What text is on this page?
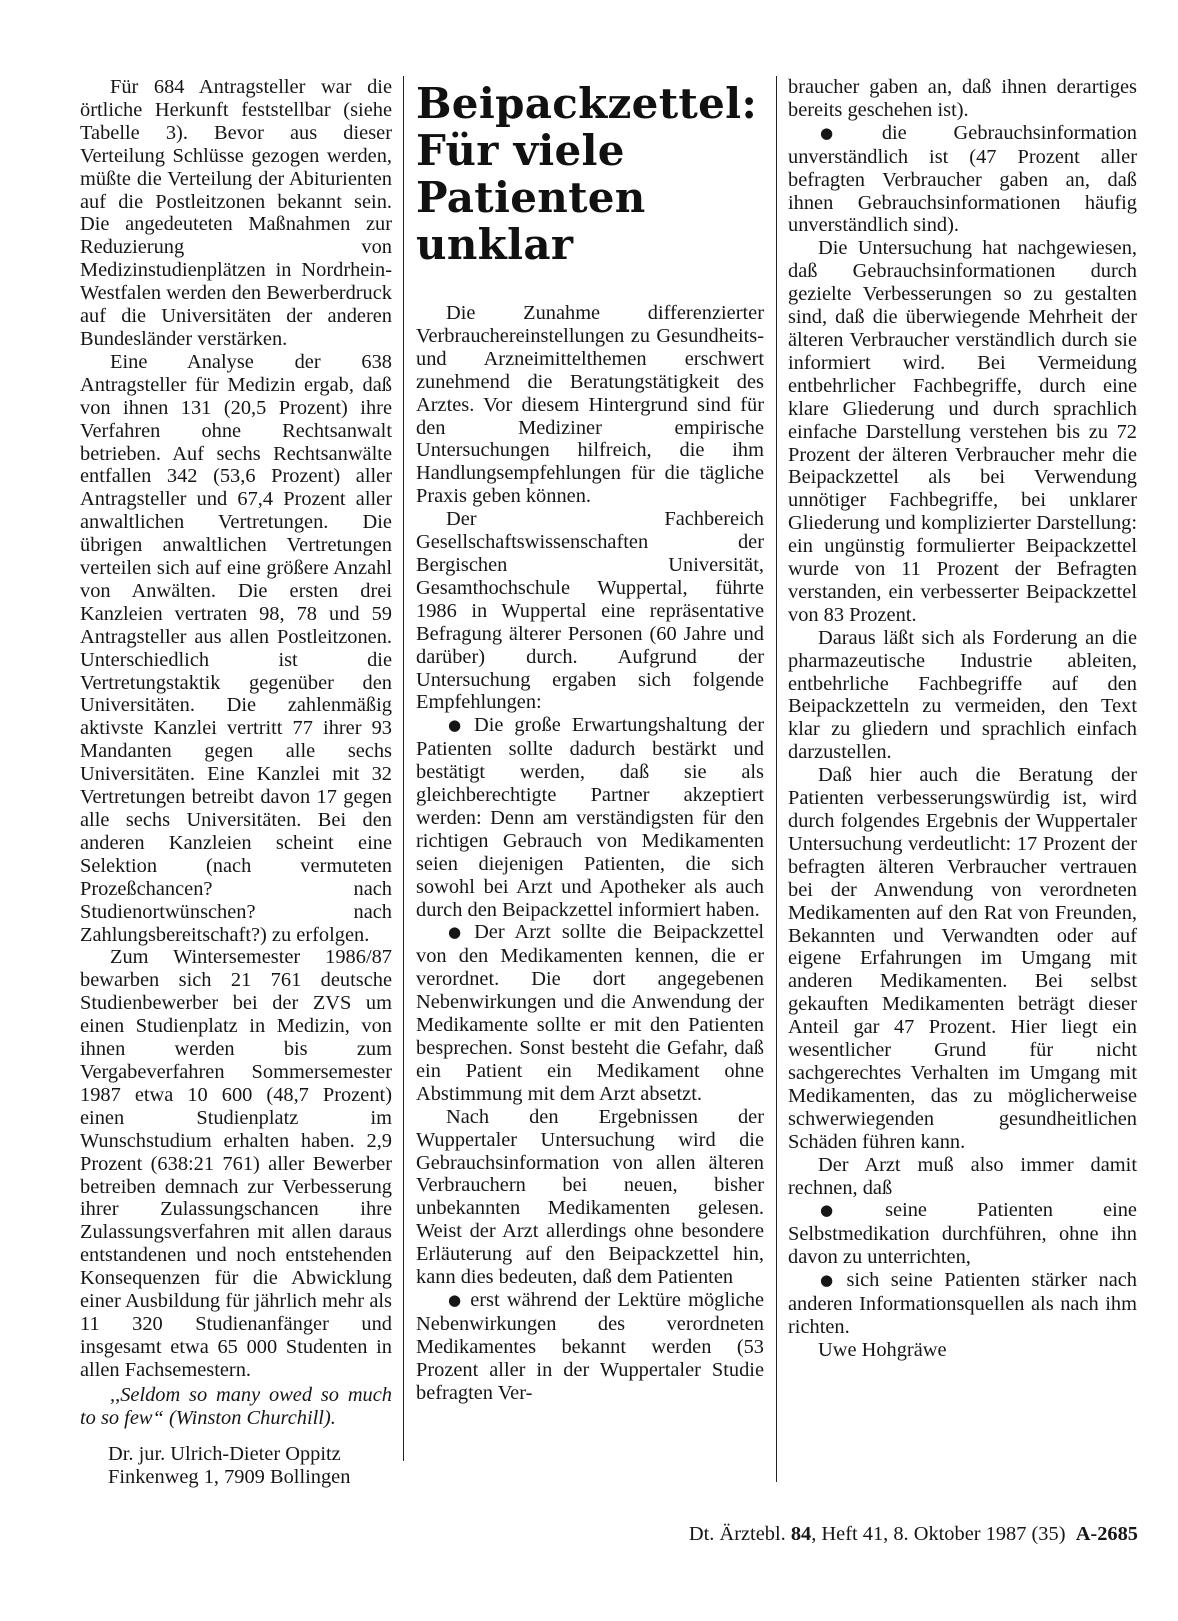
Für 684 Antragsteller war die örtliche Herkunft feststellbar (siehe Tabelle 3). Bevor aus dieser Verteilung Schlüsse gezogen werden, müßte die Verteilung der Abiturienten auf die Postleitzonen bekannt sein. Die angedeuteten Maßnahmen zur Reduzierung von Medizinstudienplätzen in Nordrhein-Westfalen werden den Bewerberdruck auf die Universitäten der anderen Bundesländer verstärken.

Eine Analyse der 638 Antragsteller für Medizin ergab, daß von ihnen 131 (20,5 Prozent) ihre Verfahren ohne Rechtsanwalt betrieben. Auf sechs Rechtsanwälte entfallen 342 (53,6 Prozent) aller Antragsteller und 67,4 Prozent aller anwaltlichen Vertretungen. Die übrigen anwaltlichen Vertretungen verteilen sich auf eine größere Anzahl von Anwälten. Die ersten drei Kanzleien vertraten 98, 78 und 59 Antragsteller aus allen Postleitzonen. Unterschiedlich ist die Vertretungstaktik gegenüber den Universitäten. Die zahlenmäßig aktivste Kanzlei vertritt 77 ihrer 93 Mandanten gegen alle sechs Universitäten. Eine Kanzlei mit 32 Vertretungen betreibt davon 17 gegen alle sechs Universitäten. Bei den anderen Kanzleien scheint eine Selektion (nach vermuteten Prozeßchancen? nach Studienortwünschen? nach Zahlungsbereitschaft?) zu erfolgen.

Zum Wintersemester 1986/87 bewarben sich 21 761 deutsche Studienbewerber bei der ZVS um einen Studienplatz in Medizin, von ihnen werden bis zum Vergabeverfahren Sommersemester 1987 etwa 10 600 (48,7 Prozent) einen Studienplatz im Wunschstudium erhalten haben. 2,9 Prozent (638:21 761) aller Bewerber betreiben demnach zur Verbesserung ihrer Zulassungschancen ihre Zulassungsverfahren mit allen daraus entstandenen und noch entstehenden Konsequenzen für die Abwicklung einer Ausbildung für jährlich mehr als 11 320 Studienanfänger und insgesamt etwa 65 000 Studenten in allen Fachsemestern.

,,Seldom so many owed so much to so few“ (Winston Churchill).

Dr. jur. Ulrich-Dieter Oppitz
Finkenweg 1, 7909 Bollingen

Beipackzettel: Für viele Patienten unklar

Die Zunahme differenzierter Verbrauchereinstellungen zu Gesundheits- und Arzneimittelthemen erschwert zunehmend die Beratungstätigkeit des Arztes. Vor diesem Hintergrund sind für den Mediziner empirische Untersuchungen hilfreich, die ihm Handlungsempfehlungen für die tägliche Praxis geben können.

Der Fachbereich Gesellschaftswissenschaften der Bergischen Universität, Gesamthochschule Wuppertal, führte 1986 in Wuppertal eine repräsentative Befragung älterer Personen (60 Jahre und darüber) durch. Aufgrund der Untersuchung ergaben sich folgende Empfehlungen:

● Die große Erwartungshaltung der Patienten sollte dadurch bestärkt und bestätigt werden, daß sie als gleichberechtigte Partner akzeptiert werden: Denn am verständigsten für den richtigen Gebrauch von Medikamenten seien diejenigen Patienten, die sich sowohl bei Arzt und Apotheker als auch durch den Beipackzettel informiert haben.

● Der Arzt sollte die Beipackzettel von den Medikamenten kennen, die er verordnet. Die dort angegebenen Nebenwirkungen und die Anwendung der Medikamente sollte er mit den Patienten besprechen. Sonst besteht die Gefahr, daß ein Patient ein Medikament ohne Abstimmung mit dem Arzt absetzt.

Nach den Ergebnissen der Wuppertaler Untersuchung wird die Gebrauchsinformation von allen älteren Verbrauchern bei neuen, bisher unbekannten Medikamenten gelesen. Weist der Arzt allerdings ohne besondere Erläuterung auf den Beipackzettel hin, kann dies bedeuten, daß dem Patienten

● erst während der Lektüre mögliche Nebenwirkungen des verordneten Medikamentes bekannt werden (53 Prozent aller in der Wuppertaler Studie befragten Ver-

braucher gaben an, daß ihnen derartiges bereits geschehen ist).

● die Gebrauchsinformation unverständlich ist (47 Prozent aller befragten Verbraucher gaben an, daß ihnen Gebrauchsinformationen häufig unverständlich sind).

Die Untersuchung hat nachgewiesen, daß Gebrauchsinformationen durch gezielte Verbesserungen so zu gestalten sind, daß die überwiegende Mehrheit der älteren Verbraucher verständlich durch sie informiert wird. Bei Vermeidung entbehrlicher Fachbegriffe, durch eine klare Gliederung und durch sprachlich einfache Darstellung verstehen bis zu 72 Prozent der älteren Verbraucher mehr die Beipackzettel als bei Verwendung unnötiger Fachbegriffe, bei unklarer Gliederung und komplizierter Darstellung: ein ungünstig formulierter Beipackzettel wurde von 11 Prozent der Befragten verstanden, ein verbesserter Beipackzettel von 83 Prozent.

Daraus läßt sich als Forderung an die pharmazeutische Industrie ableiten, entbehrliche Fachbegriffe auf den Beipackzetteln zu vermeiden, den Text klar zu gliedern und sprachlich einfach darzustellen.

Daß hier auch die Beratung der Patienten verbesserungswürdig ist, wird durch folgendes Ergebnis der Wuppertaler Untersuchung verdeutlicht: 17 Prozent der befragten älteren Verbraucher vertrauen bei der Anwendung von verordneten Medikamenten auf den Rat von Freunden, Bekannten und Verwandten oder auf eigene Erfahrungen im Umgang mit anderen Medikamenten. Bei selbst gekauften Medikamenten beträgt dieser Anteil gar 47 Prozent. Hier liegt ein wesentlicher Grund für nicht sachgerechtes Verhalten im Umgang mit Medikamenten, das zu möglicherweise schwerwiegenden gesundheitlichen Schäden führen kann.

Der Arzt muß also immer damit rechnen, daß

● seine Patienten eine Selbstmedikation durchführen, ohne ihn davon zu unterrichten,

● sich seine Patienten stärker nach anderen Informationsquellen als nach ihm richten.

Uwe Hohgräwe

Dt. Ärztebl. 84, Heft 41, 8. Oktober 1987 (35) A-2685
